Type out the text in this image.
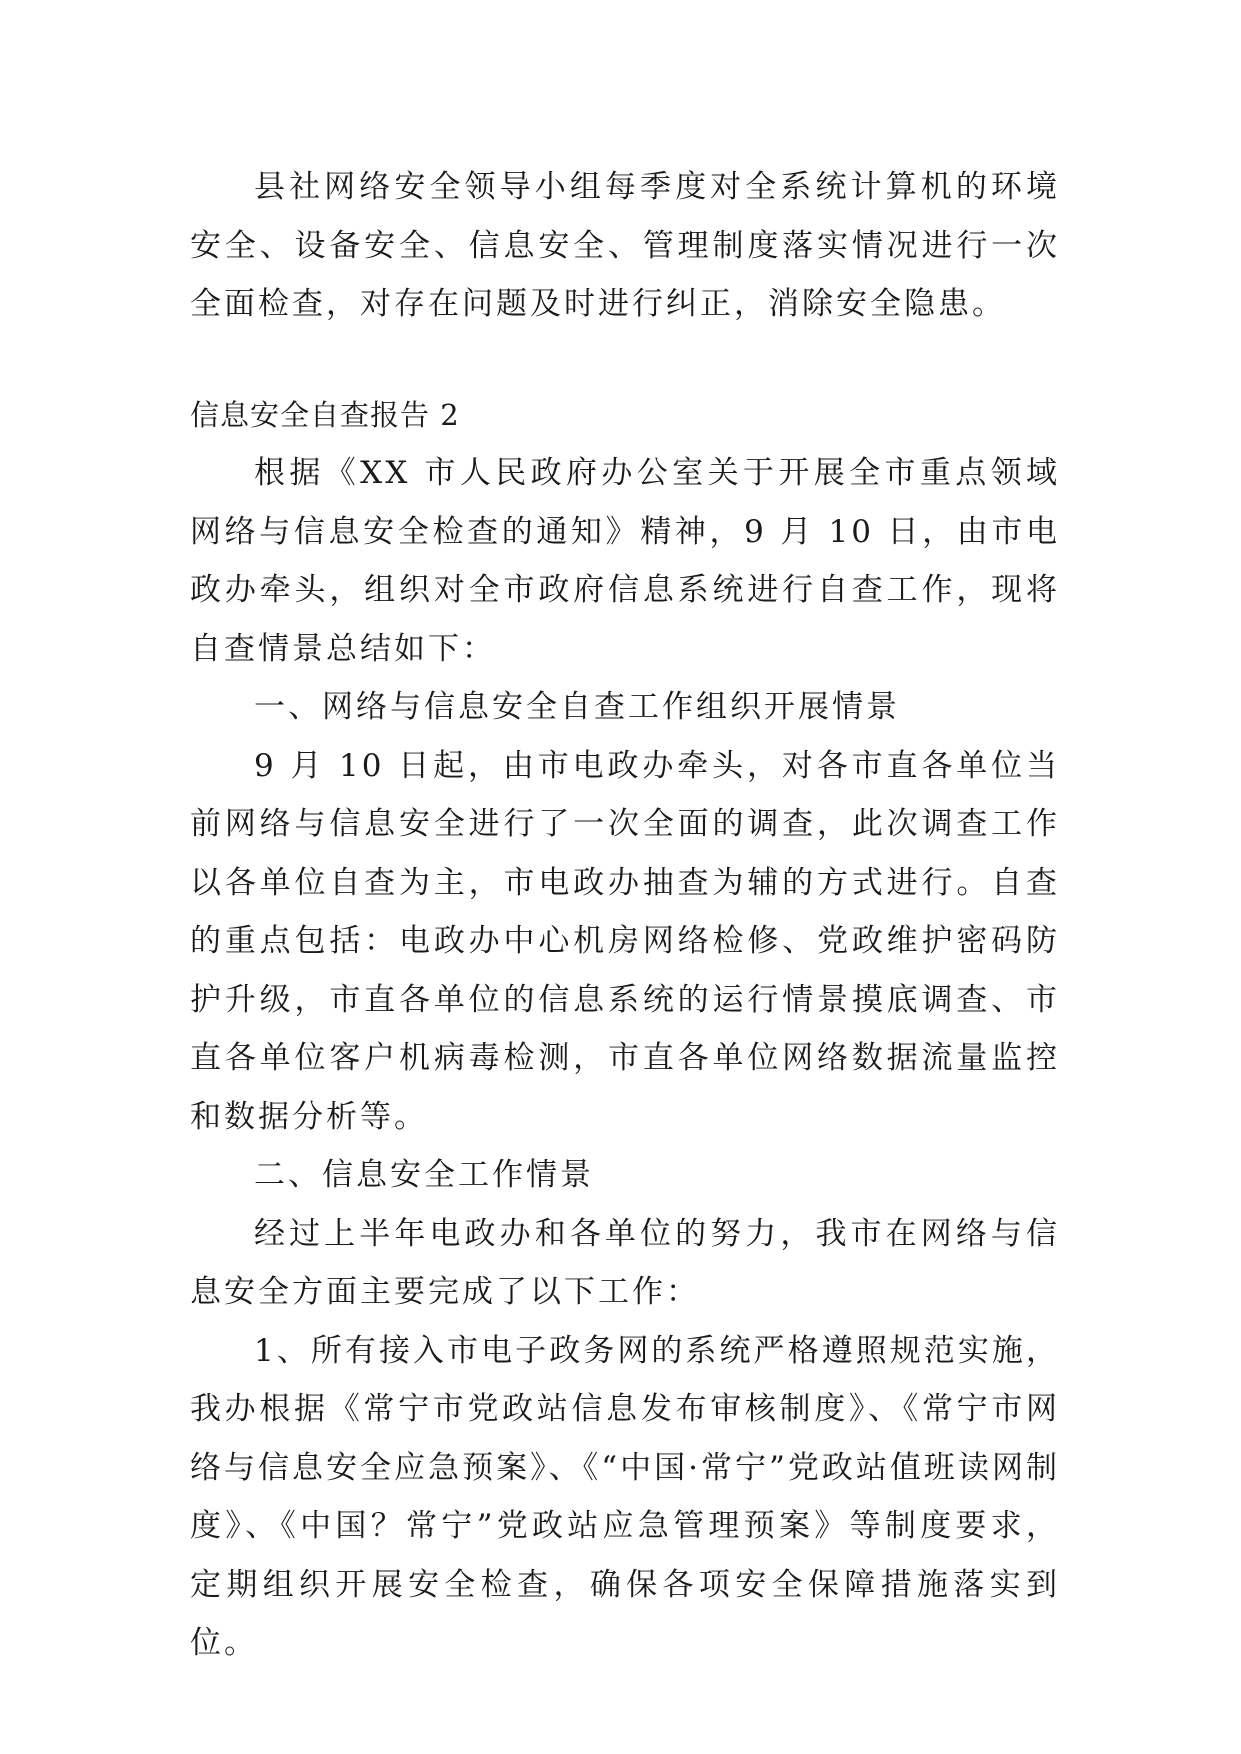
县社网络安全领导小组每季度对全系统计算机的环境安全、设备安全、信息安全、管理制度落实情况进行一次全面检查，对存在问题及时进行纠正，消除安全隐患。

信息安全自查报告 2

根据《XX 市人民政府办公室关于开展全市重点领域网络与信息安全检查的通知》精神，9 月 10 日，由市电政办牵头，组织对全市政府信息系统进行自查工作，现将自查情景总结如下：

一、网络与信息安全自查工作组织开展情景

9 月 10 日起，由市电政办牵头，对各市直各单位当前网络与信息安全进行了一次全面的调查，此次调查工作以各单位自查为主，市电政办抽查为辅的方式进行。自查的重点包括：电政办中心机房网络检修、党政维护密码防护升级，市直各单位的信息系统的运行情景摸底调查、市直各单位客户机病毒检测，市直各单位网络数据流量监控和数据分析等。

二、信息安全工作情景

经过上半年电政办和各单位的努力，我市在网络与信息安全方面主要完成了以下工作：

1、所有接入市电子政务网的系统严格遵照规范实施，我办根据《常宁市党政站信息发布审核制度》、《常宁市网络与信息安全应急预案》、《“中国·常宁”党政站值班读网制度》、《中国？常宁”党政站应急管理预案》等制度要求，定期组织开展安全检查，确保各项安全保障措施落实到位。
